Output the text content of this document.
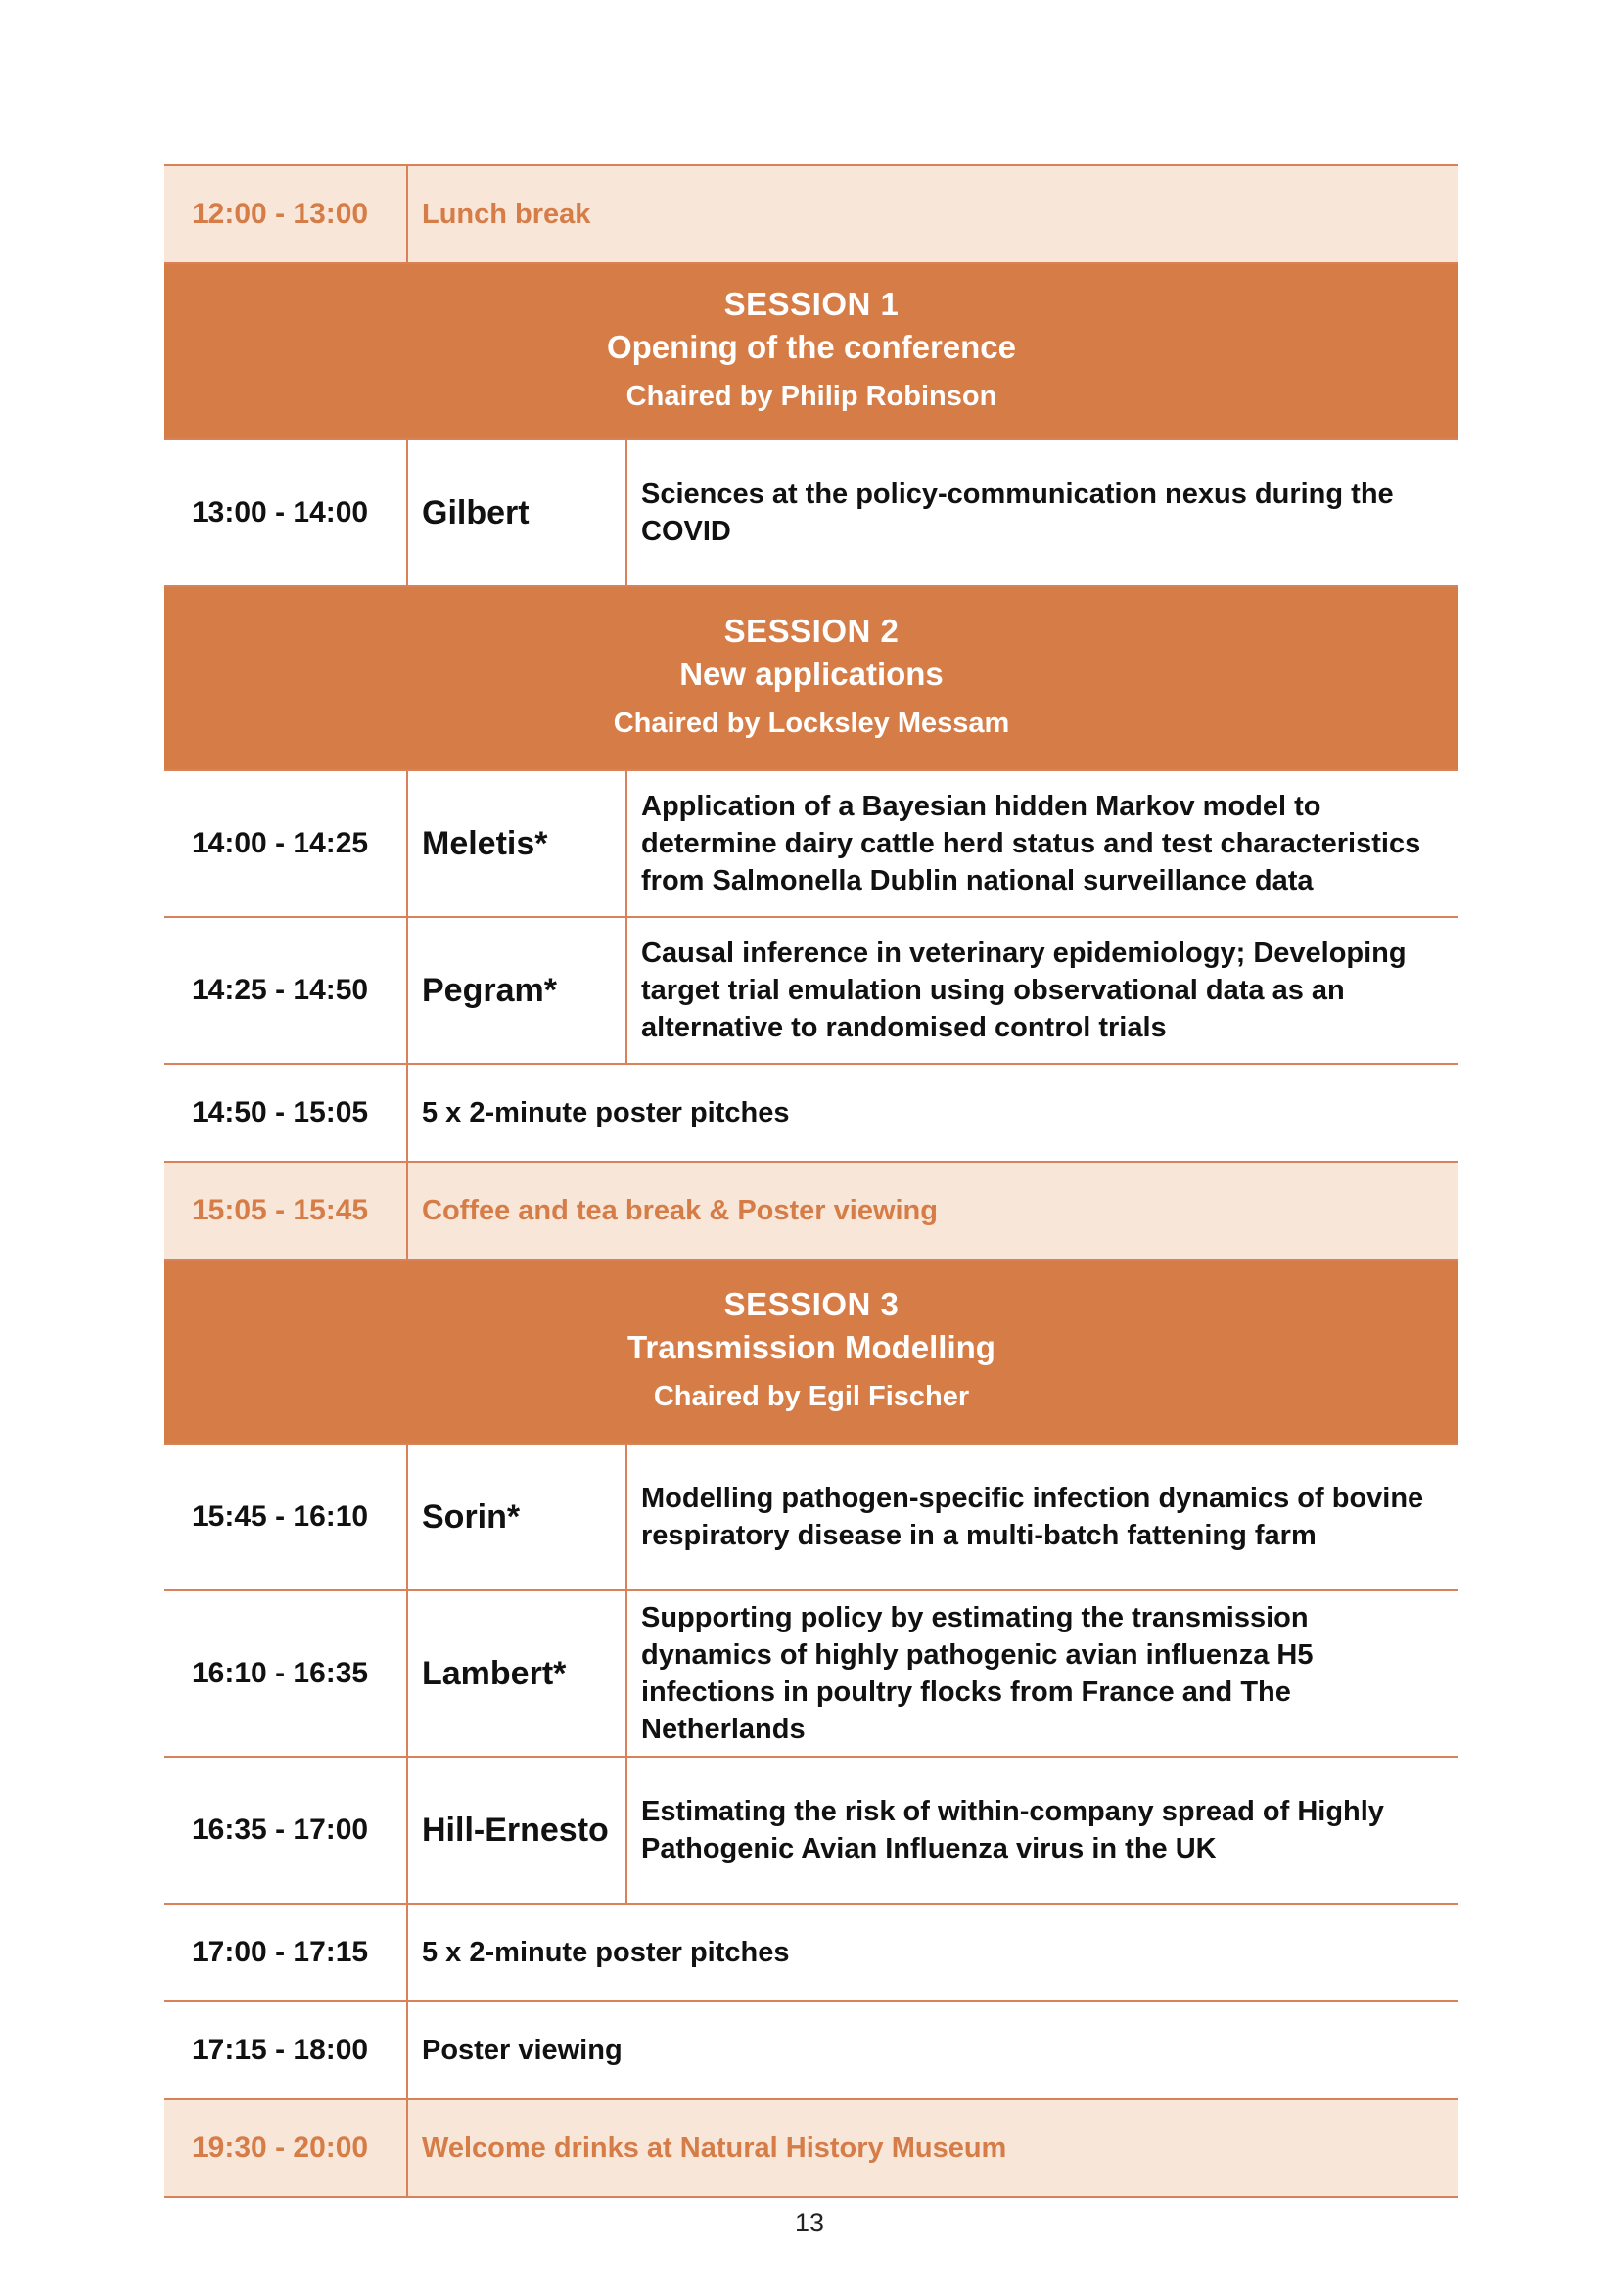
12:00 - 13:00	Lunch break	

SESSION 1
Opening of the conference
Chaired by Philip Robinson		

13:00 - 14:00	Gilbert	Sciences at the policy-communication nexus during the COVID

SESSION 2
New applications
Chaired by Locksley Messam		

14:00 - 14:25	Meletis*	Application of a Bayesian hidden Markov model to determine dairy cattle herd status and test characteristics from Salmonella Dublin national surveillance data
14:25 - 14:50	Pegram*	Causal inference in veterinary epidemiology; Developing target trial emulation using observational data as an alternative to randomised control trials
14:50 - 15:05	5 x 2-minute poster pitches	
15:05 - 15:45	Coffee and tea break & Poster viewing	

SESSION 3
Transmission Modelling
Chaired by Egil Fischer		

15:45 - 16:10	Sorin*	Modelling pathogen-specific infection dynamics of bovine respiratory disease in a multi-batch fattening farm
16:10 - 16:35	Lambert*	Supporting policy by estimating the transmission dynamics of highly pathogenic avian influenza H5 infections in poultry flocks from France and The Netherlands
16:35 - 17:00	Hill-Ernesto	Estimating the risk of within-company spread of Highly Pathogenic Avian Influenza virus in the UK
17:00 - 17:15	5 x 2-minute poster pitches	
17:15 - 18:00	Poster viewing	
19:30 - 20:00	Welcome drinks at Natural History Museum	
13
